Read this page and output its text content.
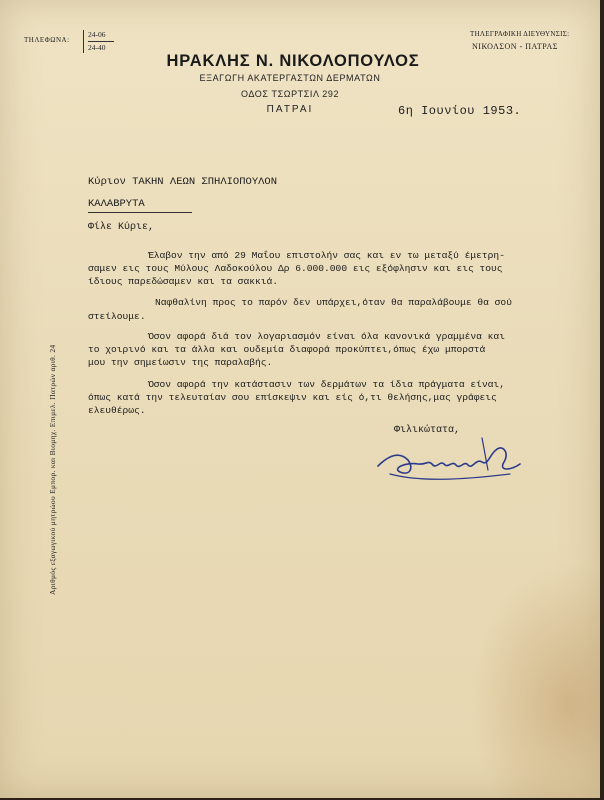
ΤΗΛΕΦΩΝΑ:
24-06
24-40
ΤΗΛΕΓΡΑΦΙΚΗ ΔΙΕΥΘΥΝΣΙΣ:
ΝΙΚΟΛΣΟΝ - ΠΑΤΡΑΣ
ΗΡΑΚΛΗΣ Ν. ΝΙΚΟΛΟΠΟΥΛΟΣ
ΕΞΑΓΩΓΗ ΑΚΑΤΕΡΓΑΣΤΩΝ ΔΕΡΜΑΤΩΝ
ΟΔΟΣ ΤΣΩΡΤΣΙΛ 292
ΠΑΤΡΑΙ	6η Ιουνίου 1953.
Αριθμός εξαγωγικού μητρώου Εμπορ. και Βιομηχ. Επιμελ. Πατρών αριθ. 24
Κύριον ΤΑΚΗΝ ΛΕΩΝ ΣΠΗΛΙΟΠΟΥΛΟΝ
ΚΑΛΑΒΡΥΤΑ
Φίλε Κύριε,
Έλαβον την από 29 Μαΐου επιστολήν σας και εν τω μεταξύ έμετρη-
σαμεν εις τους Μύλους Λαδοκούλου Δρ 6.000.000 εις εξόφλησιν και εις τους
ίδιους παρεδώσαμεν και τα σακκιά.
Ναφθαλίνη προς το παρόν δεν υπάρχει,όταν θα παραλάβουμε θα σού
στείλουμε.
Όσον αφορά διά τον λογαριασμόν είναι όλα κανονικά γραμμένα και
το χοιρινό και τα άλλα και ουδεμία διαφορά προκύπτει,όπως έχω μπορστά
μου την σημείωσιν της παραλαβής.
Όσον αφορά την κατάστασιν των δερμάτων τα ίδια πράγματα είναι,
όπως κατά την τελευταίαν σου επίσκεψιν και είς ό,τι θελήσης,μας γράφεις
ελευθέρως.
Φιλικώτατα,
